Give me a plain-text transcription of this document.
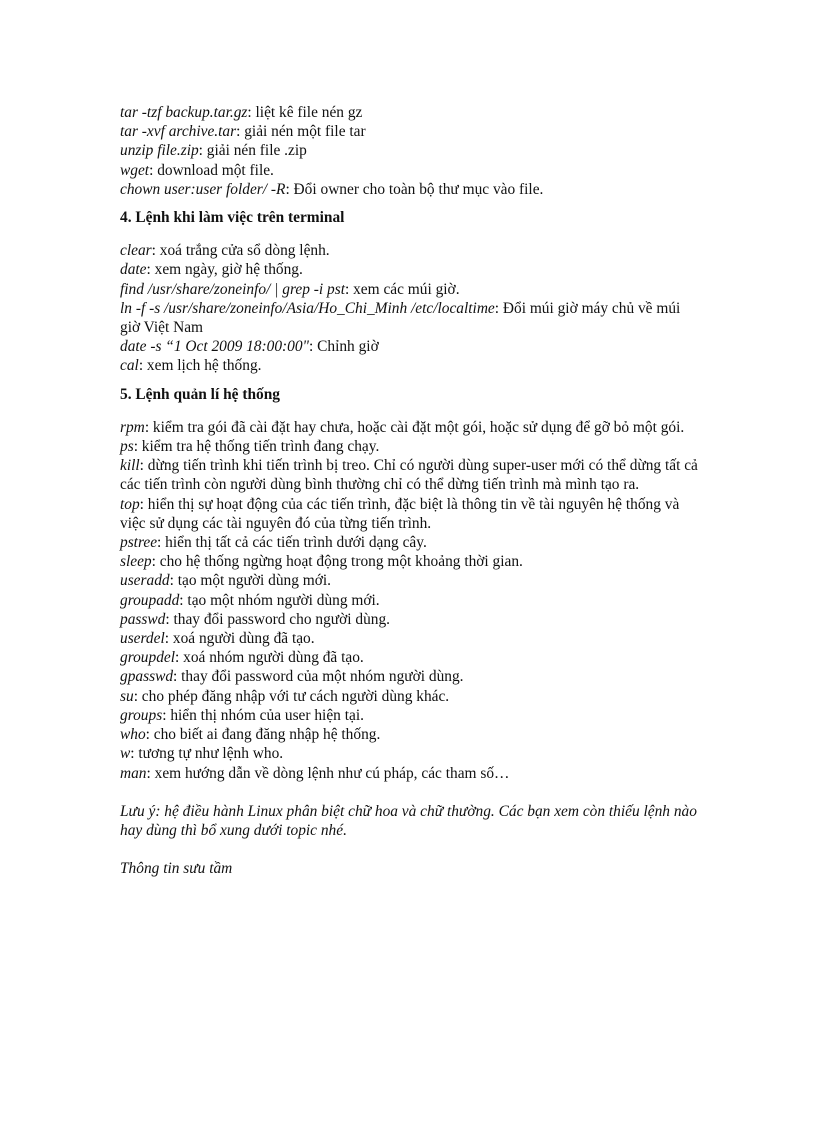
tar -tzf backup.tar.gz: liệt kê file nén gz

tar -xvf archive.tar: giải nén một file tar

unzip file.zip: giải nén file .zip

wget: download một file.

chown user:user folder/ -R: Đổi owner cho toàn bộ thư mục vào file.

4. Lệnh khi làm việc trên terminal

clear: xoá trắng cửa sổ dòng lệnh.

date: xem ngày, giờ hệ thống.

find /usr/share/zoneinfo/ | grep -i pst: xem các múi giờ.

ln -f -s /usr/share/zoneinfo/Asia/Ho_Chi_Minh /etc/localtime: Đổi múi giờ máy chủ về múi giờ Việt Nam

date -s “1 Oct 2009 18:00:00": Chỉnh giờ

cal: xem lịch hệ thống.

5. Lệnh quản lí hệ thống

rpm: kiểm tra gói đã cài đặt hay chưa, hoặc cài đặt một gói, hoặc sử dụng để gỡ bỏ một gói.

ps: kiểm tra hệ thống tiến trình đang chạy.

kill: dừng tiến trình khi tiến trình bị treo. Chỉ có người dùng super-user mới có thể dừng tất cả các tiến trình còn người dùng bình thường chỉ có thể dừng tiến trình mà mình tạo ra.

top: hiển thị sự hoạt động của các tiến trình, đặc biệt là thông tin về tài nguyên hệ thống và việc sử dụng các tài nguyên đó của từng tiến trình.

pstree: hiển thị tất cả các tiến trình dưới dạng cây.

sleep: cho hệ thống ngừng hoạt động trong một khoảng thời gian.

useradd: tạo một người dùng mới.

groupadd: tạo một nhóm người dùng mới.

passwd: thay đổi password cho người dùng.

userdel: xoá người dùng đã tạo.

groupdel: xoá nhóm người dùng đã tạo.

gpasswd: thay đổi password của một nhóm người dùng.

su: cho phép đăng nhập với tư cách người dùng khác.

groups: hiển thị nhóm của user hiện tại.

who: cho biết ai đang đăng nhập hệ thống.

w: tương tự như lệnh who.

man: xem hướng dẫn về dòng lệnh như cú pháp, các tham số…

Lưu ý: hệ điều hành Linux phân biệt chữ hoa và chữ thường. Các bạn xem còn thiếu lệnh nào hay dùng thì bổ xung dưới topic nhé.

Thông tin sưu tầm
